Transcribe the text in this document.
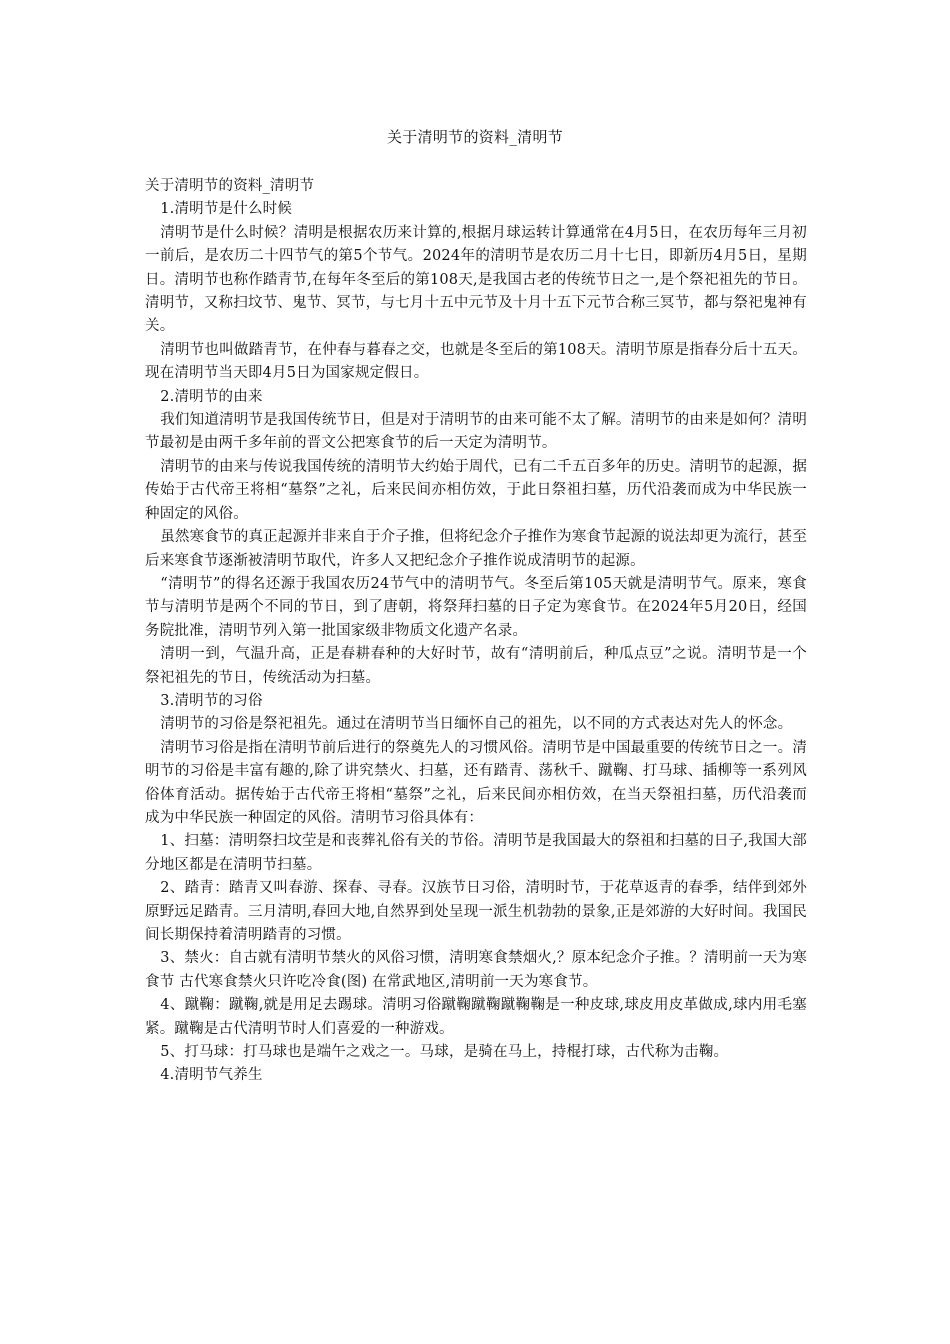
关于清明节的资料_清明节

关于清明节的资料_清明节

1.清明节是什么时候

清明节是什么时候？清明是根据农历来计算的,根据月球运转计算通常在4月5日，在农历每年三月初一前后，是农历二十四节气的第5个节气。2024年的清明节是农历二月十七日，即新历4月5日，星期日。清明节也称作踏青节,在每年冬至后的第108天,是我国古老的传统节日之一,是个祭祀祖先的节日。清明节，又称扫坟节、鬼节、冥节，与七月十五中元节及十月十五下元节合称三冥节，都与祭祀鬼神有关。

清明节也叫做踏青节，在仲春与暮春之交，也就是冬至后的第108天。清明节原是指春分后十五天。现在清明节当天即4月5日为国家规定假日。

2.清明节的由来

我们知道清明节是我国传统节日，但是对于清明节的由来可能不太了解。清明节的由来是如何？清明节最初是由两千多年前的晋文公把寒食节的后一天定为清明节。

清明节的由来与传说我国传统的清明节大约始于周代，已有二千五百多年的历史。清明节的起源，据传始于古代帝王将相“墓祭”之礼，后来民间亦相仿效，于此日祭祖扫墓，历代沿袭而成为中华民族一种固定的风俗。

虽然寒食节的真正起源并非来自于介子推，但将纪念介子推作为寒食节起源的说法却更为流行，甚至后来寒食节逐渐被清明节取代，许多人又把纪念介子推作说成清明节的起源。

“清明节”的得名还源于我国农历24节气中的清明节气。冬至后第105天就是清明节气。原来，寒食节与清明节是两个不同的节日，到了唐朝，将祭拜扫墓的日子定为寒食节。在2024年5月20日，经国务院批准，清明节列入第一批国家级非物质文化遗产名录。

清明一到，气温升高，正是春耕春种的大好时节，故有“清明前后，种瓜点豆”之说。清明节是一个祭祀祖先的节日，传统活动为扫墓。

3.清明节的习俗

清明节的习俗是祭祀祖先。通过在清明节当日缅怀自己的祖先，以不同的方式表达对先人的怀念。

清明节习俗是指在清明节前后进行的祭奠先人的习惯风俗。清明节是中国最重要的传统节日之一。清明节的习俗是丰富有趣的,除了讲究禁火、扫墓，还有踏青、荡秋千、蹴鞠、打马球、插柳等一系列风俗体育活动。据传始于古代帝王将相“墓祭”之礼，后来民间亦相仿效，在当天祭祖扫墓，历代沿袭而成为中华民族一种固定的风俗。清明节习俗具体有：

1、扫墓：清明祭扫坟茔是和丧葬礼俗有关的节俗。清明节是我国最大的祭祖和扫墓的日子,我国大部分地区都是在清明节扫墓。

2、踏青：踏青又叫春游、探春、寻春。汉族节日习俗，清明时节，于花草返青的春季，结伴到郊外原野远足踏青。三月清明,春回大地,自然界到处呈现一派生机勃勃的景象,正是郊游的大好时间。我国民间长期保持着清明踏青的习惯。

3、禁火：自古就有清明节禁火的风俗习惯，清明寒食禁烟火,？原本纪念介子推。？清明前一天为寒食节 古代寒食禁火只许吃冷食(图) 在常武地区,清明前一天为寒食节。

4、蹴鞠：蹴鞠,就是用足去踢球。清明习俗蹴鞠蹴鞠蹴鞠鞠是一种皮球,球皮用皮革做成,球内用毛塞紧。蹴鞠是古代清明节时人们喜爱的一种游戏。

5、打马球：打马球也是端午之戏之一。马球，是骑在马上，持棍打球，古代称为击鞠。

4.清明节气养生
